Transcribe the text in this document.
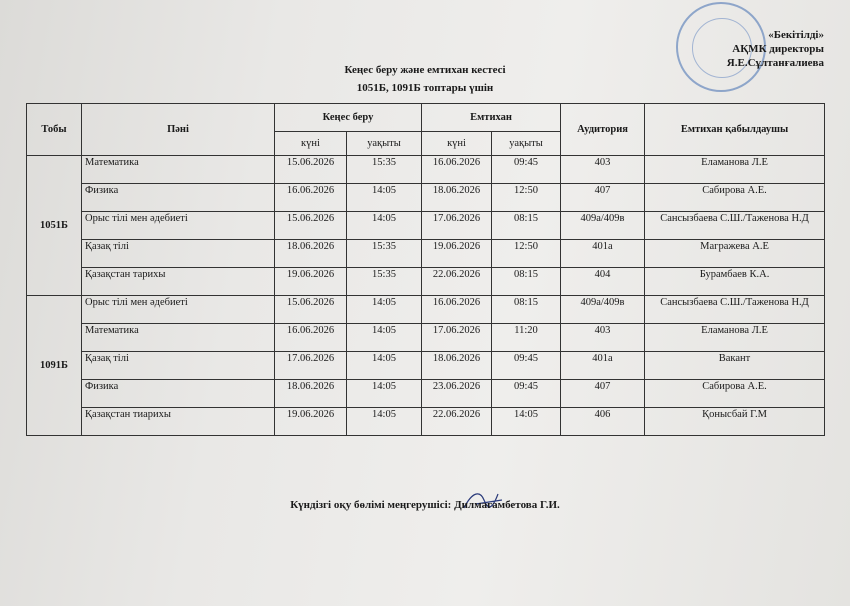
«Бекітілді»
АҚМК директоры
Я.Е.Сұлтанғалиева
Кеңес беру және емтихан кестесі
1051Б, 1091Б топтары үшін
Тобы	Пәні	Кеңес беру		Емтихан		Аудитория	Емтихан қабылдаушы
		күні	уақыты	күні	уақыты		
1051Б	Математика	15.06.2026	15:35	16.06.2026	09:45	403	Еламанова Л.Е
	Физика	16.06.2026	14:05	18.06.2026	12:50	407	Сабирова А.Е.
	Орыс тілі мен әдебиеті	15.06.2026	14:05	17.06.2026	08:15	409а/409в	Сансызбаева С.Ш./Таженова Н.Д
	Қазақ тілі	18.06.2026	15:35	19.06.2026	12:50	401а	Магражева А.Е
	Қазақстан тарихы	19.06.2026	15:35	22.06.2026	08:15	404	Бурамбаев К.А.
1091Б	Орыс тілі мен әдебиеті	15.06.2026	14:05	16.06.2026	08:15	409а/409в	Сансызбаева С.Ш./Таженова Н.Д
	Математика	16.06.2026	14:05	17.06.2026	11:20	403	Еламанова Л.Е
	Қазақ тілі	17.06.2026	14:05	18.06.2026	09:45	401а	Вакант
	Физика	18.06.2026	14:05	23.06.2026	09:45	407	Сабирова А.Е.
	Қазақстан тиарихы	19.06.2026	14:05	22.06.2026	14:05	406	Қонысбай Г.М
Күндізгі оқу бөлімі меңгерушісі: Дилмагамбетова Г.И.
